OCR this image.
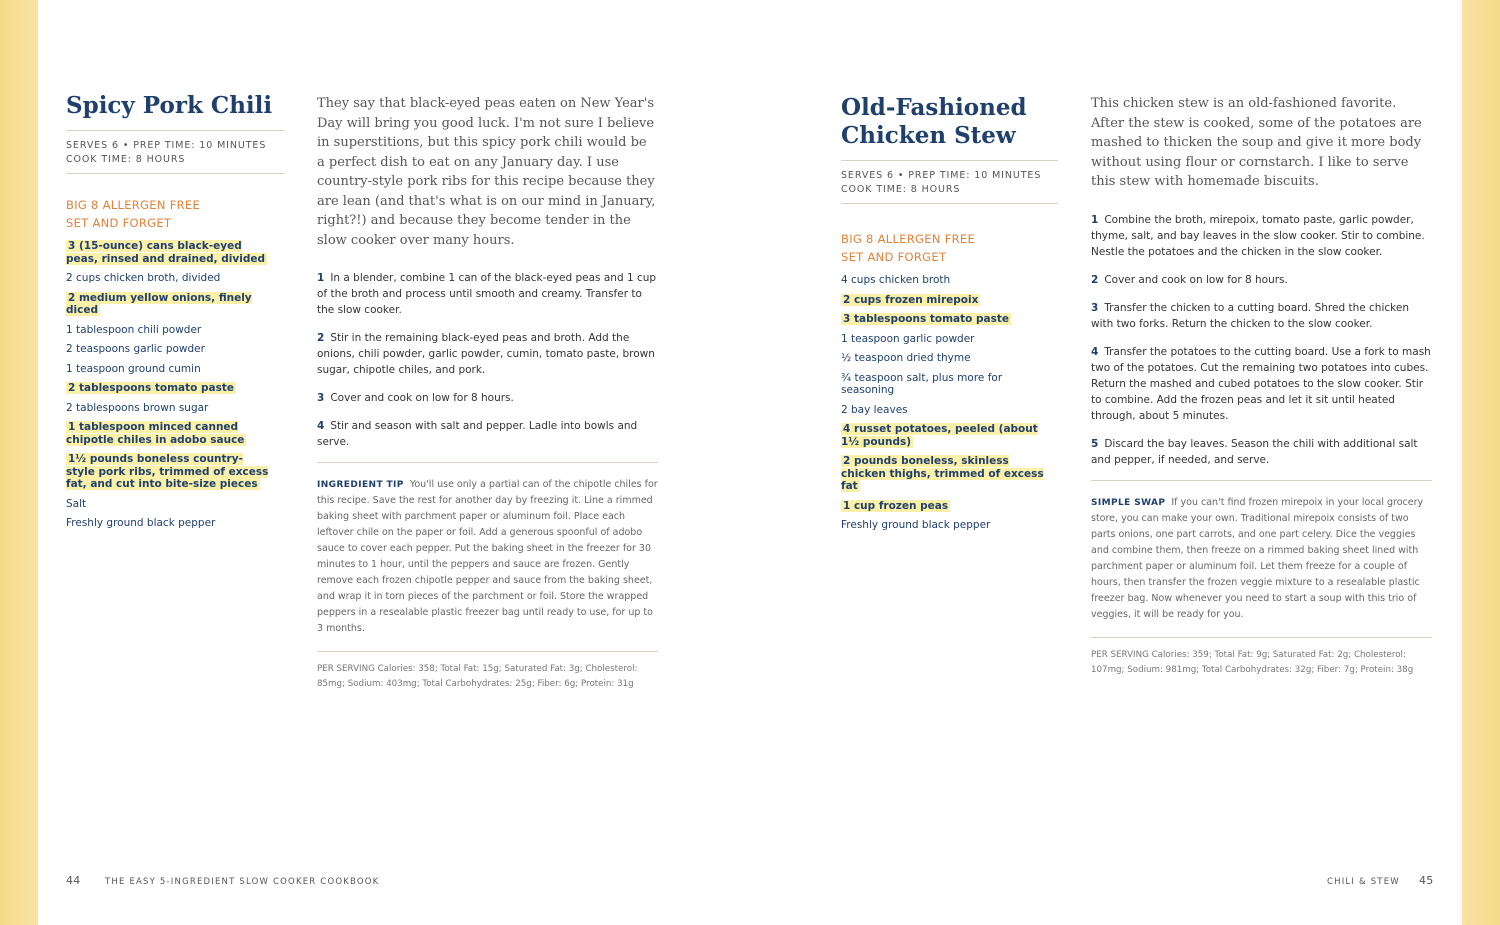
Spicy Pork Chili
SERVES 6 • PREP TIME: 10 MINUTES
COOK TIME: 8 HOURS
BIG 8 ALLERGEN FREE
SET AND FORGET
3 (15-ounce) cans black-eyed peas, rinsed and drained, divided
2 cups chicken broth, divided
2 medium yellow onions, finely diced
1 tablespoon chili powder
2 teaspoons garlic powder
1 teaspoon ground cumin
2 tablespoons tomato paste
2 tablespoons brown sugar
1 tablespoon minced canned chipotle chiles in adobo sauce
1½ pounds boneless country-style pork ribs, trimmed of excess fat, and cut into bite-size pieces
Salt
Freshly ground black pepper

They say that black-eyed peas eaten on New Year's Day will bring you good luck. I'm not sure I believe in superstitions, but this spicy pork chili would be a perfect dish to eat on any January day. I use country-style pork ribs for this recipe because they are lean (and that's what is on our mind in January, right?!) and because they become tender in the slow cooker over many hours.

1 In a blender, combine 1 can of the black-eyed peas and 1 cup of the broth and process until smooth and creamy. Transfer to the slow cooker.
2 Stir in the remaining black-eyed peas and broth. Add the onions, chili powder, garlic powder, cumin, tomato paste, brown sugar, chipotle chiles, and pork.
3 Cover and cook on low for 8 hours.
4 Stir and season with salt and pepper. Ladle into bowls and serve.
INGREDIENT TIP You'll use only a partial can of the chipotle chiles for this recipe. Save the rest for another day by freezing it. Line a rimmed baking sheet with parchment paper or aluminum foil. Place each leftover chile on the paper or foil. Add a generous spoonful of adobo sauce to cover each pepper. Put the baking sheet in the freezer for 30 minutes to 1 hour, until the peppers and sauce are frozen. Gently remove each frozen chipotle pepper and sauce from the baking sheet, and wrap it in torn pieces of the parchment or foil. Store the wrapped peppers in a resealable plastic freezer bag until ready to use, for up to 3 months.
PER SERVING Calories: 358; Total Fat: 15g; Saturated Fat: 3g; Cholesterol: 85mg; Sodium: 403mg; Total Carbohydrates: 25g; Fiber: 6g; Protein: 31g
44	THE EASY 5-INGREDIENT SLOW COOKER COOKBOOK
Old-Fashioned
Chicken Stew
SERVES 6 • PREP TIME: 10 MINUTES
COOK TIME: 8 HOURS
BIG 8 ALLERGEN FREE
SET AND FORGET
4 cups chicken broth
2 cups frozen mirepoix
3 tablespoons tomato paste
1 teaspoon garlic powder
½ teaspoon dried thyme
¾ teaspoon salt, plus more for seasoning
2 bay leaves
4 russet potatoes, peeled (about 1½ pounds)
2 pounds boneless, skinless chicken thighs, trimmed of excess fat
1 cup frozen peas
Freshly ground black pepper

This chicken stew is an old-fashioned favorite. After the stew is cooked, some of the potatoes are mashed to thicken the soup and give it more body without using flour or cornstarch. I like to serve this stew with homemade biscuits.

1 Combine the broth, mirepoix, tomato paste, garlic powder, thyme, salt, and bay leaves in the slow cooker. Stir to combine. Nestle the potatoes and the chicken in the slow cooker.
2 Cover and cook on low for 8 hours.
3 Transfer the chicken to a cutting board. Shred the chicken with two forks. Return the chicken to the slow cooker.
4 Transfer the potatoes to the cutting board. Use a fork to mash two of the potatoes. Cut the remaining two potatoes into cubes. Return the mashed and cubed potatoes to the slow cooker. Stir to combine. Add the frozen peas and let it sit until heated through, about 5 minutes.
5 Discard the bay leaves. Season the chili with additional salt and pepper, if needed, and serve.
SIMPLE SWAP If you can't find frozen mirepoix in your local grocery store, you can make your own. Traditional mirepoix consists of two parts onions, one part carrots, and one part celery. Dice the veggies and combine them, then freeze on a rimmed baking sheet lined with parchment paper or aluminum foil. Let them freeze for a couple of hours, then transfer the frozen veggie mixture to a resealable plastic freezer bag. Now whenever you need to start a soup with this trio of veggies, it will be ready for you.
PER SERVING Calories: 359; Total Fat: 9g; Saturated Fat: 2g; Cholesterol: 107mg; Sodium: 981mg; Total Carbohydrates: 32g; Fiber: 7g; Protein: 38g
CHILI & STEW 45
